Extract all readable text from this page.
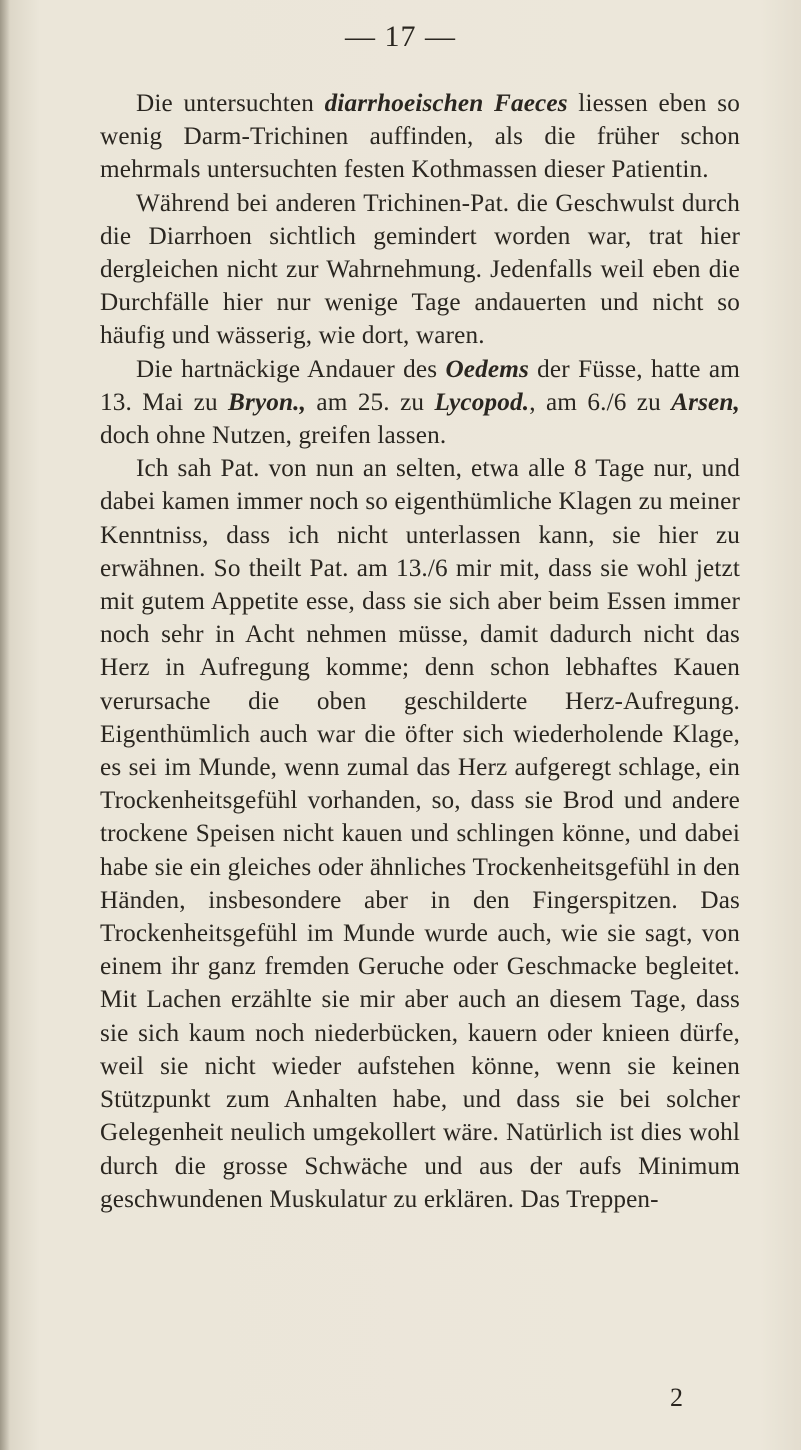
— 17 —

Die untersuchten diarrhoeischen Faeces liessen eben so wenig Darm-Trichinen auffinden, als die früher schon mehrmals untersuchten festen Kothmassen dieser Patientin.

Während bei anderen Trichinen-Pat. die Geschwulst durch die Diarrhoen sichtlich gemindert worden war, trat hier dergleichen nicht zur Wahrnehmung. Jedenfalls weil eben die Durchfälle hier nur wenige Tage andauerten und nicht so häufig und wässerig, wie dort, waren.

Die hartnäckige Andauer des Oedems der Füsse, hatte am 13. Mai zu Bryon., am 25. zu Lycopod., am 6./6 zu Arsen, doch ohne Nutzen, greifen lassen.

Ich sah Pat. von nun an selten, etwa alle 8 Tage nur, und dabei kamen immer noch so eigenthümliche Klagen zu meiner Kenntniss, dass ich nicht unterlassen kann, sie hier zu erwähnen. So theilt Pat. am 13./6 mir mit, dass sie wohl jetzt mit gutem Appetite esse, dass sie sich aber beim Essen immer noch sehr in Acht nehmen müsse, damit dadurch nicht das Herz in Aufregung komme; denn schon lebhaftes Kauen verursache die oben geschilderte Herz-Aufregung. Eigenthümlich auch war die öfter sich wiederholende Klage, es sei im Munde, wenn zumal das Herz aufgeregt schlage, ein Trockenheitsgefühl vorhanden, so, dass sie Brod und andere trockene Speisen nicht kauen und schlingen könne, und dabei habe sie ein gleiches oder ähnliches Trockenheitsgefühl in den Händen, insbesondere aber in den Fingerspitzen. Das Trockenheitsgefühl im Munde wurde auch, wie sie sagt, von einem ihr ganz fremden Geruche oder Geschmacke begleitet. Mit Lachen erzählte sie mir aber auch an diesem Tage, dass sie sich kaum noch niederbücken, kauern oder knieen dürfe, weil sie nicht wieder aufstehen könne, wenn sie keinen Stützpunkt zum Anhalten habe, und dass sie bei solcher Gelegenheit neulich umgekollert wäre. Natürlich ist dies wohl durch die grosse Schwäche und aus der aufs Minimum geschwundenen Muskulatur zu erklären. Das Treppen-

2
